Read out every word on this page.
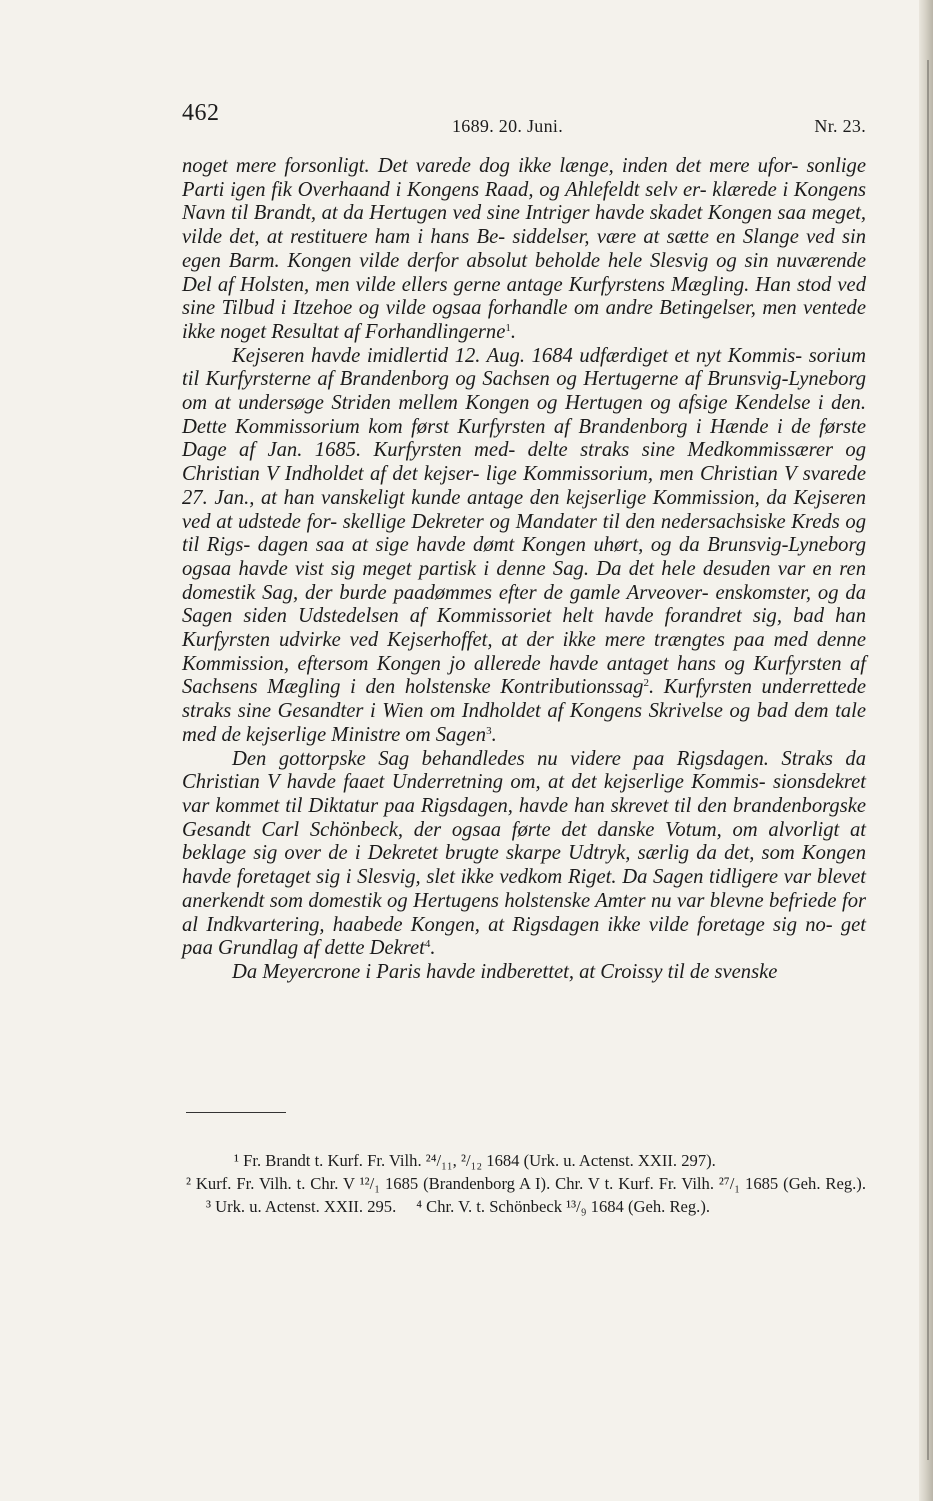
462	1689. 20. Juni.	Nr. 23.

noget mere forsonligt. Det varede dog ikke længe, inden det mere ufor- sonlige Parti igen fik Overhaand i Kongens Raad, og Ahlefeldt selv er- klærede i Kongens Navn til Brandt, at da Hertugen ved sine Intriger havde skadet Kongen saa meget, vilde det, at restituere ham i hans Be- siddelser, være at sætte en Slange ved sin egen Barm. Kongen vilde derfor absolut beholde hele Slesvig og sin nuværende Del af Holsten, men vilde ellers gerne antage Kurfyrstens Mægling. Han stod ved sine Tilbud i Itzehoe og vilde ogsaa forhandle om andre Betingelser, men ventede ikke noget Resultat af Forhandlingerne$^1$.

Kejseren havde imidlertid 12. Aug. 1684 udfærdiget et nyt Kommis- sorium til Kurfyrsterne af Brandenborg og Sachsen og Hertugerne af Brunsvig-Lyneborg om at undersøge Striden mellem Kongen og Hertugen og afsige Kendelse i den. Dette Kommissorium kom først Kurfyrsten af Brandenborg i Hænde i de første Dage af Jan. 1685. Kurfyrsten med- delte straks sine Medkommissærer og Christian V Indholdet af det kejser- lige Kommissorium, men Christian V svarede 27. Jan., at han vanskeligt kunde antage den kejserlige Kommission, da Kejseren ved at udstede for- skellige Dekreter og Mandater til den nedersachsiske Kreds og til Rigs- dagen saa at sige havde dømt Kongen uhørt, og da Brunsvig-Lyneborg ogsaa havde vist sig meget partisk i denne Sag. Da det hele desuden var en ren domestik Sag, der burde paadømmes efter de gamle Arveover- enskomster, og da Sagen siden Udstedelsen af Kommissoriet helt havde forandret sig, bad han Kurfyrsten udvirke ved Kejserhoffet, at der ikke mere trængtes paa med denne Kommission, eftersom Kongen jo allerede havde antaget hans og Kurfyrsten af Sachsens Mægling i den holstenske Kontributionssag$^2$. Kurfyrsten underrettede straks sine Gesandter i Wien om Indholdet af Kongens Skrivelse og bad dem tale med de kejserlige Ministre om Sagen$^3$.

Den gottorpske Sag behandledes nu videre paa Rigsdagen. Straks da Christian V havde faaet Underretning om, at det kejserlige Kommis- sionsdekret var kommet til Diktatur paa Rigsdagen, havde han skrevet til den brandenborgske Gesandt Carl Schönbeck, der ogsaa førte det danske Votum, om alvorligt at beklage sig over de i Dekretet brugte skarpe Udtryk, særlig da det, som Kongen havde foretaget sig i Slesvig, slet ikke vedkom Riget. Da Sagen tidligere var blevet anerkendt som domestik og Hertugens holstenske Amter nu var blevne befriede for al Indkvartering, haabede Kongen, at Rigsdagen ikke vilde foretage sig no- get paa Grundlag af dette Dekret$^4$.

Da Meyercrone i Paris havde indberettet, at Croissy til de svenske

¹ Fr. Brandt t. Kurf. Fr. Vilh. ²⁴/₁₁, ²/₁₂ 1684 (Urk. u. Actenst. XXII. 297).

² Kurf. Fr. Vilh. t. Chr. V ¹²/₁ 1685 (Brandenborg A I). Chr. V t. Kurf. Fr. Vilh. ²⁷/₁ 1685 (Geh. Reg.).³ Urk. u. Actenst. XXII. 295. ⁴ Chr. V. t. Schönbeck ¹³/₉ 1684 (Geh. Reg.).
